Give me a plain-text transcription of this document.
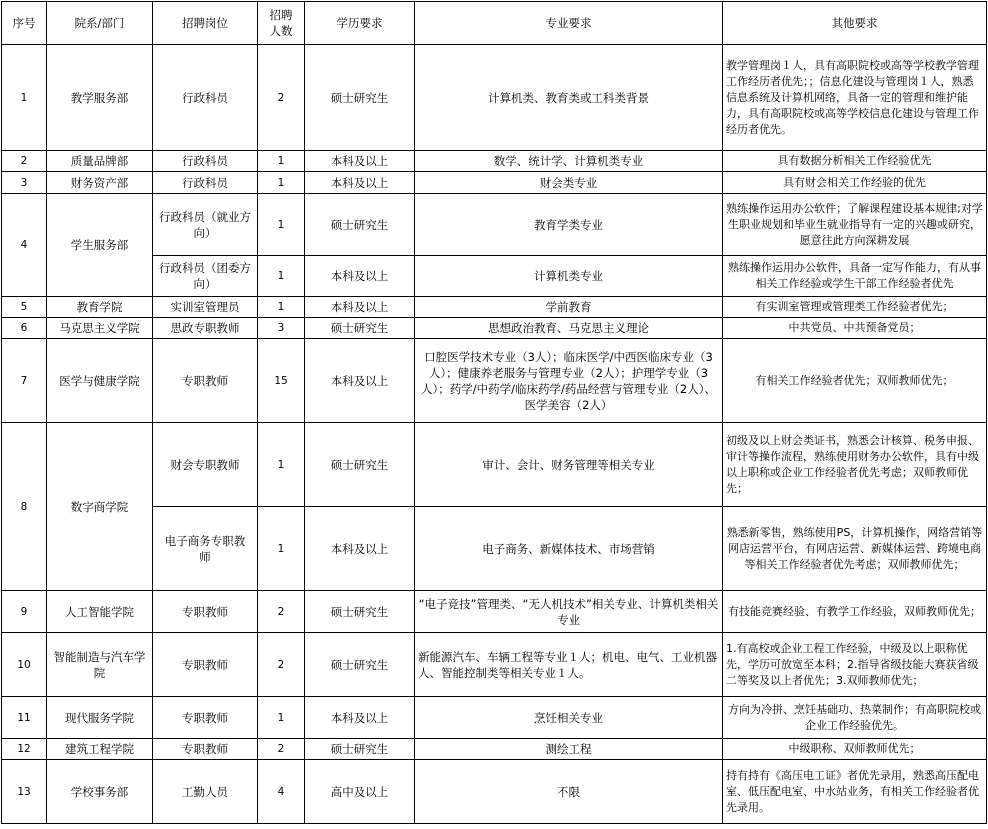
序号	院系/部门	招聘岗位	招聘人数	学历要求	专业要求	其他要求
1	教学服务部	行政科员	2	硕士研究生	计算机类、教育类或工科类背景	教学管理岗１人，具有高职院校或高等学校教学管理工作经历者优先；；信息化建设与管理岗１人，熟悉信息系统及计算机网络，具备一定的管理和维护能力，具有高职院校或高等学校信息化建设与管理工作经历者优先。
2	质量品牌部	行政科员	1	本科及以上	数学、统计学、计算机类专业	具有数据分析相关工作经验优先
3	财务资产部	行政科员	1	本科及以上	财会类专业	具有财会相关工作经验的优先
4	学生服务部	行政科员（就业方向）	1	硕士研究生	教育学类专业	熟练操作运用办公软件；了解课程建设基本规律;对学生职业规划和毕业生就业指导有一定的兴趣或研究，愿意往此方向深耕发展
		行政科员（团委方向）	1	本科及以上	计算机类专业	熟练操作运用办公软件，具备一定写作能力，有从事相关工作经验或学生干部工作经验者优先
5	教育学院	实训室管理员	1	本科及以上	学前教育	有实训室管理或管理类工作经验者优先；
6	马克思主义学院	思政专职教师	3	硕士研究生	思想政治教育、马克思主义理论	中共党员、中共预备党员；
7	医学与健康学院	专职教师	15	本科及以上	口腔医学技术专业（3人）；临床医学/中西医临床专业（3人）；健康养老服务与管理专业（2人）；护理学专业（3人）；药学/中药学/临床药学/药品经营与管理专业（2人）、医学美容（2人）	有相关工作经验者优先；双师教师优先；
8	数字商学院	财会专职教师	1	硕士研究生	审计、会计、财务管理等相关专业	初级及以上财会类证书，熟悉会计核算、税务申报、审计等操作流程，熟练使用财务办公软件，具有中级以上职称或企业工作经验者优先考虑；双师教师优先；
		电子商务专职教师	1	本科及以上	电子商务、新媒体技术、市场营销	熟悉新零售，熟练使用PS，计算机操作，网络营销等网店运营平台，有网店运营、新媒体运营、跨境电商等相关工作经验者优先考虑；双师教师优先；
9	人工智能学院	专职教师	2	硕士研究生	“电子竞技”管理类、“无人机技术”相关专业、计算机类相关专业	有技能竞赛经验、有教学工作经验，双师教师优先；
10	智能制造与汽车学院	专职教师	2	硕士研究生	新能源汽车、车辆工程等专业１人；机电、电气、工业机器人、智能控制类等相关专业１人。	1.有高校或企业工程工作经验，中级及以上职称优先，学历可放宽至本科；2.指导省级技能大赛获省级二等奖及以上者优先；3.双师教师优先；
11	现代服务学院	专职教师	1	本科及以上	烹饪相关专业	方向为冷拼、烹饪基础功、热菜制作；有高职院校或企业工作经验优先。
12	建筑工程学院	专职教师	2	硕士研究生	测绘工程	中级职称、双师教师优先；
13	学校事务部	工勤人员	4	高中及以上	不限	持有持有《高压电工证》者优先录用，熟悉高压配电室、低压配电室、中水站业务，有相关工作经验者优先录用。
